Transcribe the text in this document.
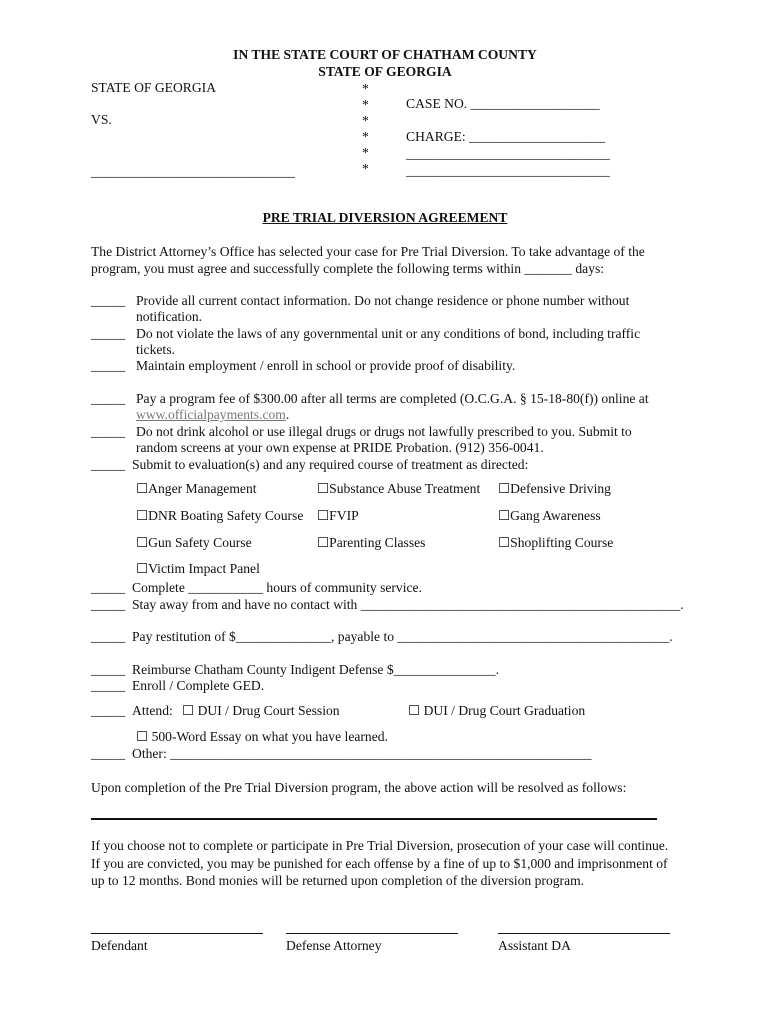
IN THE STATE COURT OF CHATHAM COUNTY
STATE OF GEORGIA
STATE OF GEORGIA
VS.
______________________________
*
*
*
*
*
*
CASE NO. ___________________
CHARGE: ____________________
______________________________
______________________________
PRE TRIAL DIVERSION AGREEMENT
The District Attorney’s Office has selected your case for Pre Trial Diversion. To take advantage of the
program, you must agree and successfully complete the following terms within _______ days:
_____ Provide all current contact information. Do not change residence or phone number without
notification.
_____ Do not violate the laws of any governmental unit or any conditions of bond, including traffic
tickets.
_____ Maintain employment / enroll in school or provide proof of disability.
_____ Pay a program fee of $300.00 after all terms are completed (O.C.G.A. § 15-18-80(f)) online at
www.officialpayments.com.
_____ Do not drink alcohol or use illegal drugs or drugs not lawfully prescribed to you. Submit to
random screens at your own expense at PRIDE Probation. (912) 356-0041.
_____ Submit to evaluation(s) and any required course of treatment as directed:
☐Anger Management	☐Substance Abuse Treatment ☐Defensive Driving
☐DNR Boating Safety Course ☐FVIP	☐Gang Awareness
☐Gun Safety Course	☐Parenting Classes	☐Shoplifting Course
☐Victim Impact Panel
_____ Complete ___________ hours of community service.
_____ Stay away from and have no contact with _______________________________________________.
_____ Pay restitution of $______________, payable to ________________________________________.
_____ Reimburse Chatham County Indigent Defense $_______________.
_____ Enroll / Complete GED.
_____ Attend: ☐ DUI / Drug Court Session	☐ DUI / Drug Court Graduation
☐ 500-Word Essay on what you have learned.
_____ Other: ______________________________________________________________
Upon completion of the Pre Trial Diversion program, the above action will be resolved as follows:
If you choose not to complete or participate in Pre Trial Diversion, prosecution of your case will continue.
If you are convicted, you may be punished for each offense by a fine of up to $1,000 and imprisonment of
up to 12 months. Bond monies will be returned upon completion of the diversion program.
Defendant	Defense Attorney	Assistant DA
